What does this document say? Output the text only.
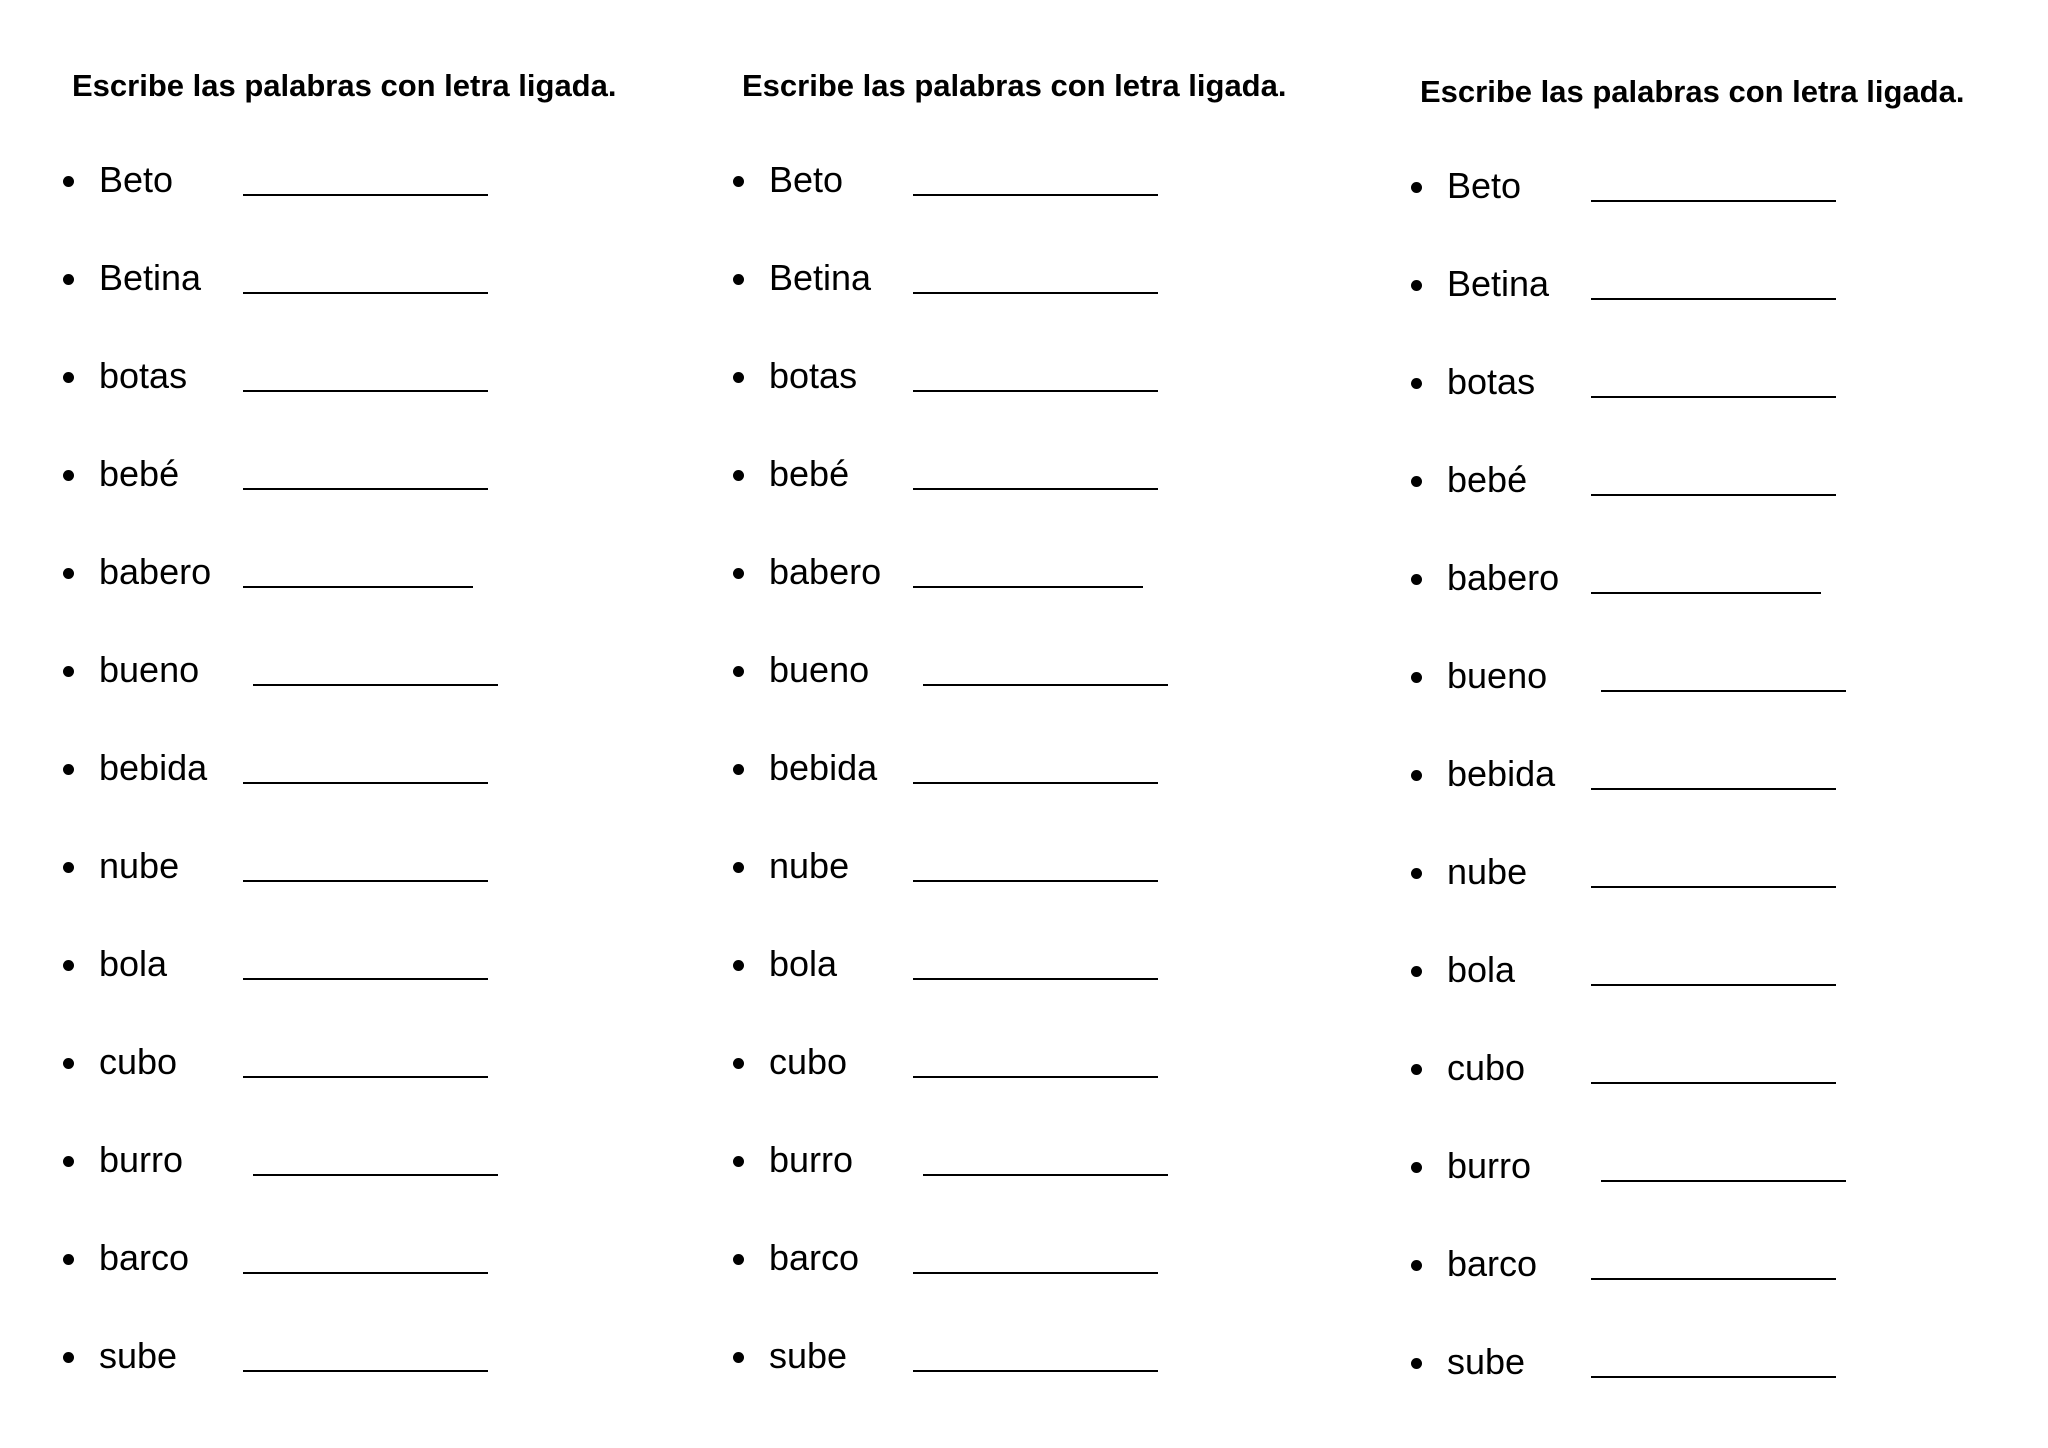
Escribe las palabras con letra ligada.
Beto
Betina
botas
bebé
babero
bueno
bebida
nube
bola
cubo
burro
barco
sube
Escribe las palabras con letra ligada.
Beto
Betina
botas
bebé
babero
bueno
bebida
nube
bola
cubo
burro
barco
sube
Escribe las palabras con letra ligada.
Beto
Betina
botas
bebé
babero
bueno
bebida
nube
bola
cubo
burro
barco
sube
